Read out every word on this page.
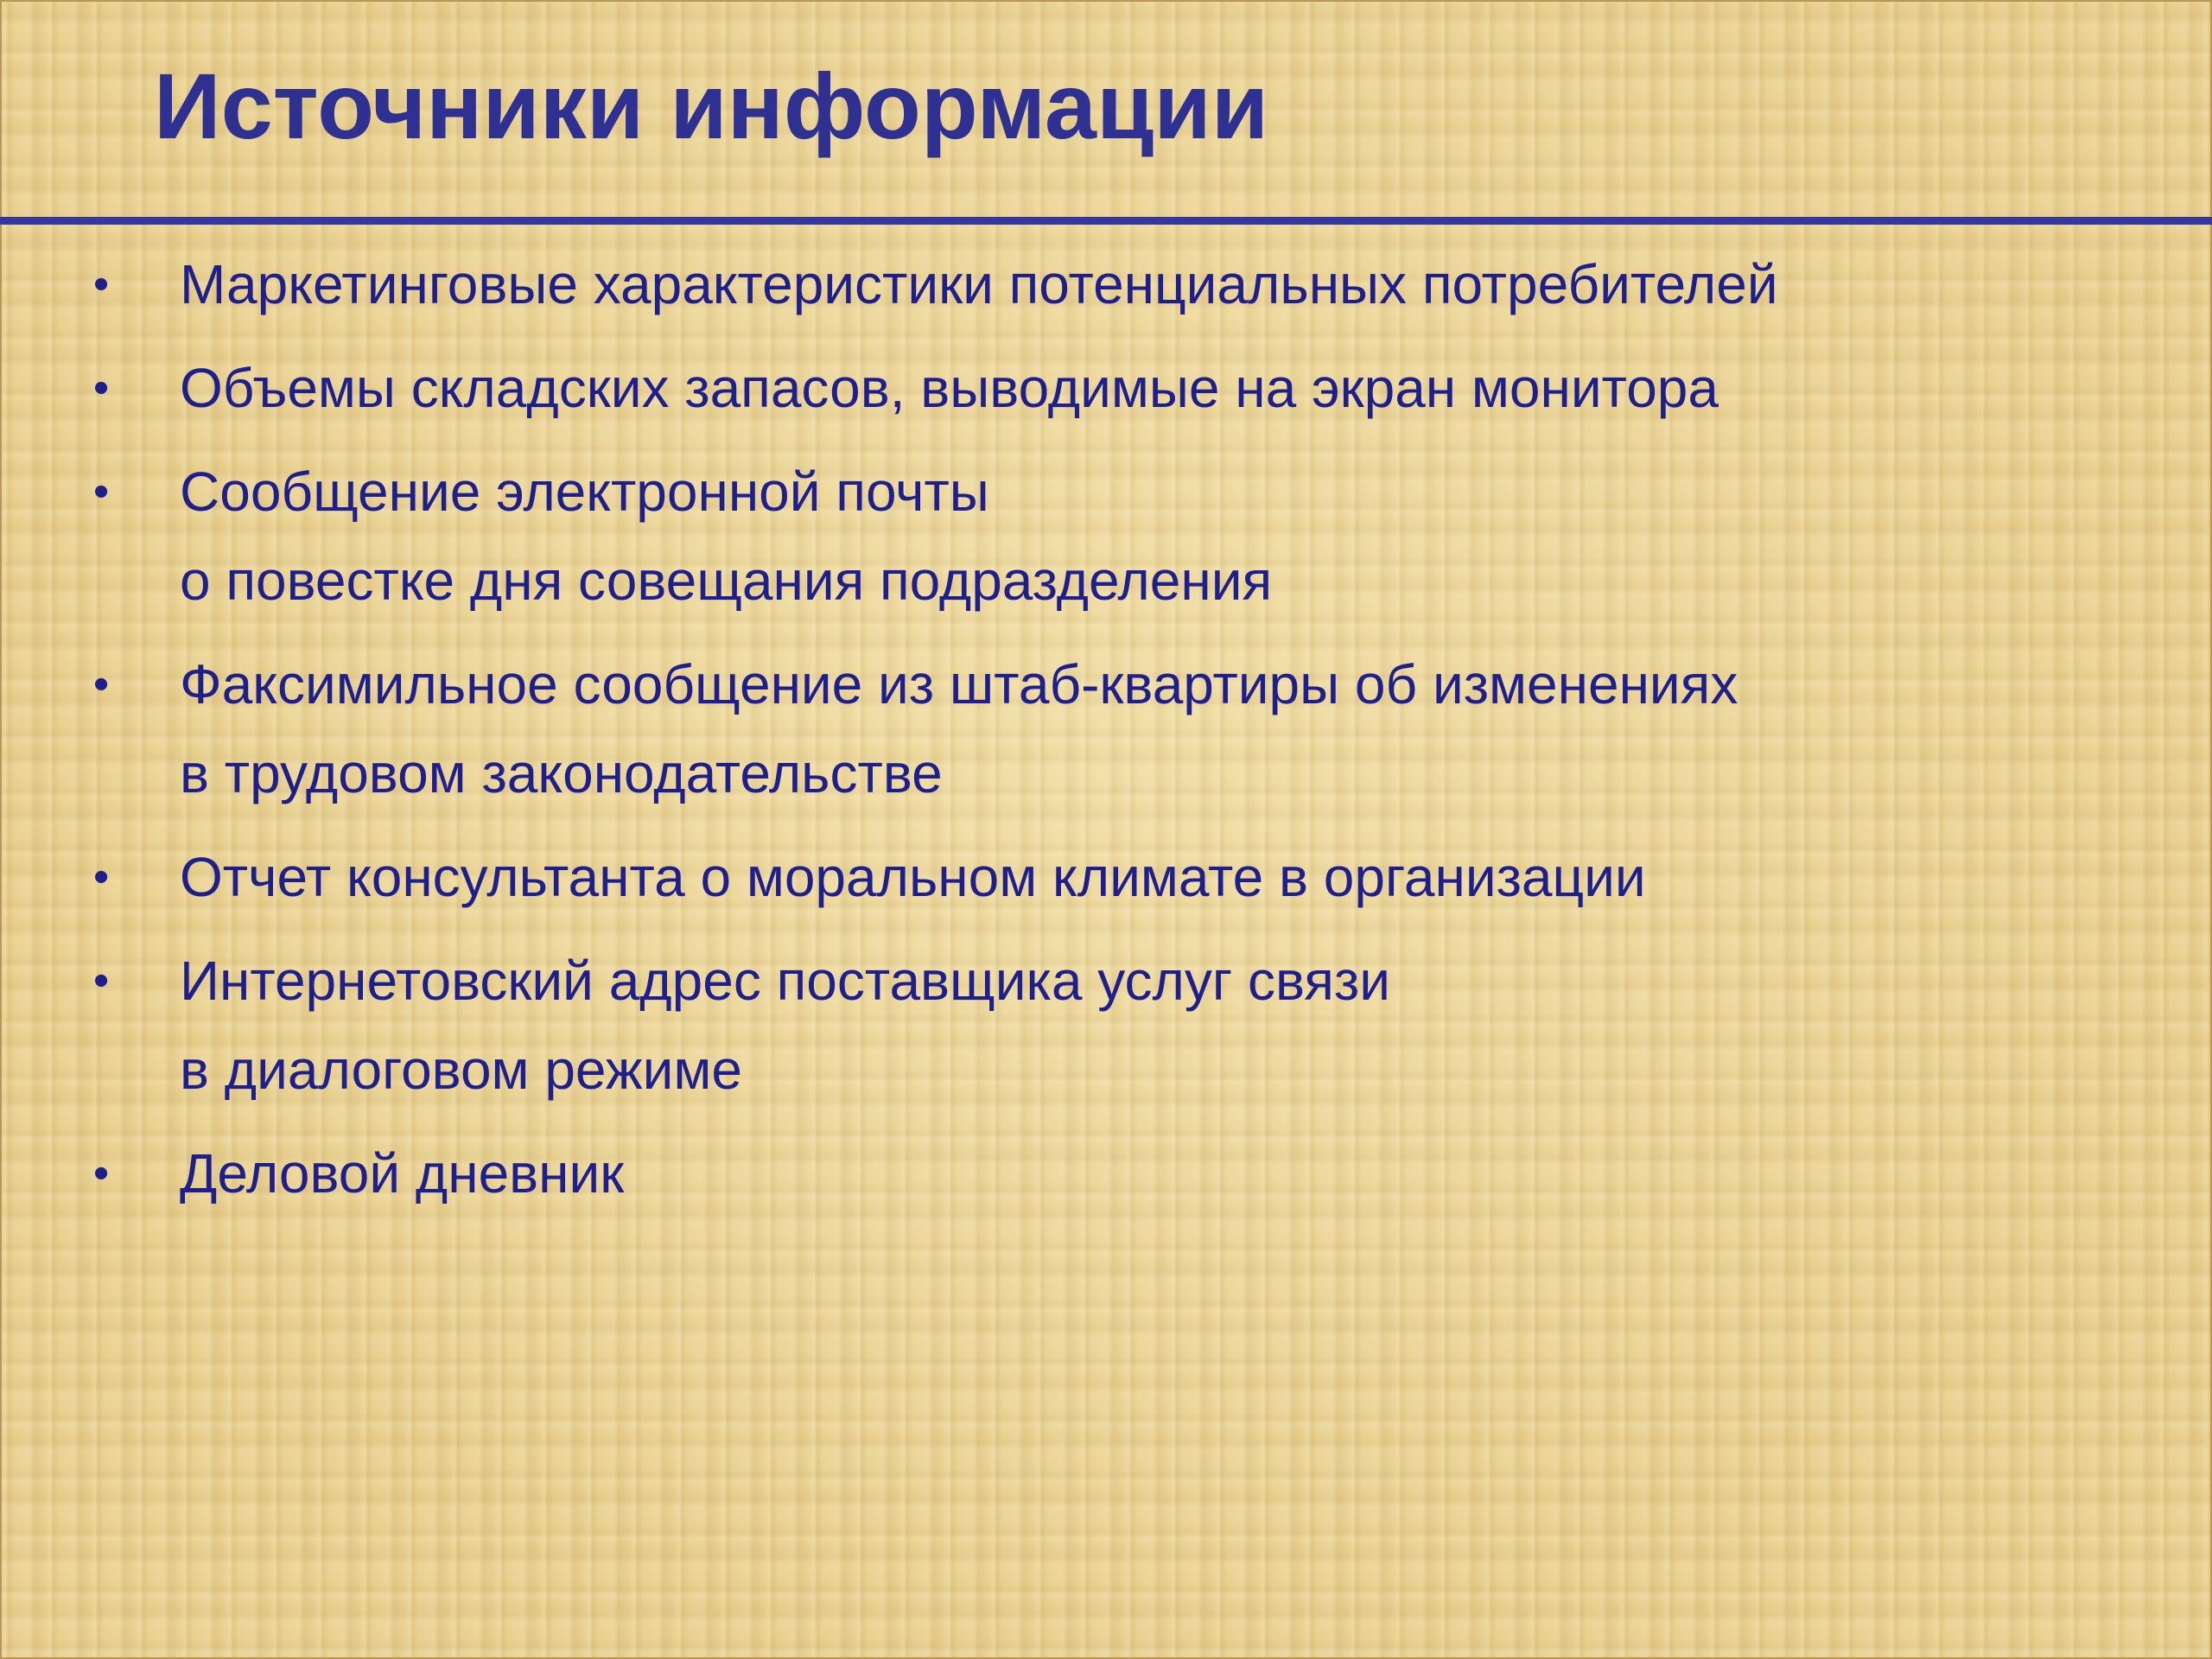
Источники информации
• Маркетинговые характеристики потенциальных потребителей
• Объемы складских запасов, выводимые на экран монитора
• Сообщение электронной почты
о повестке дня совещания подразделения
• Факсимильное сообщение из штаб-квартиры об изменениях
в трудовом законодательстве
• Отчет консультанта о моральном климате в организации
• Интернетовский адрес поставщика услуг связи
в диалоговом режиме
• Деловой дневник
